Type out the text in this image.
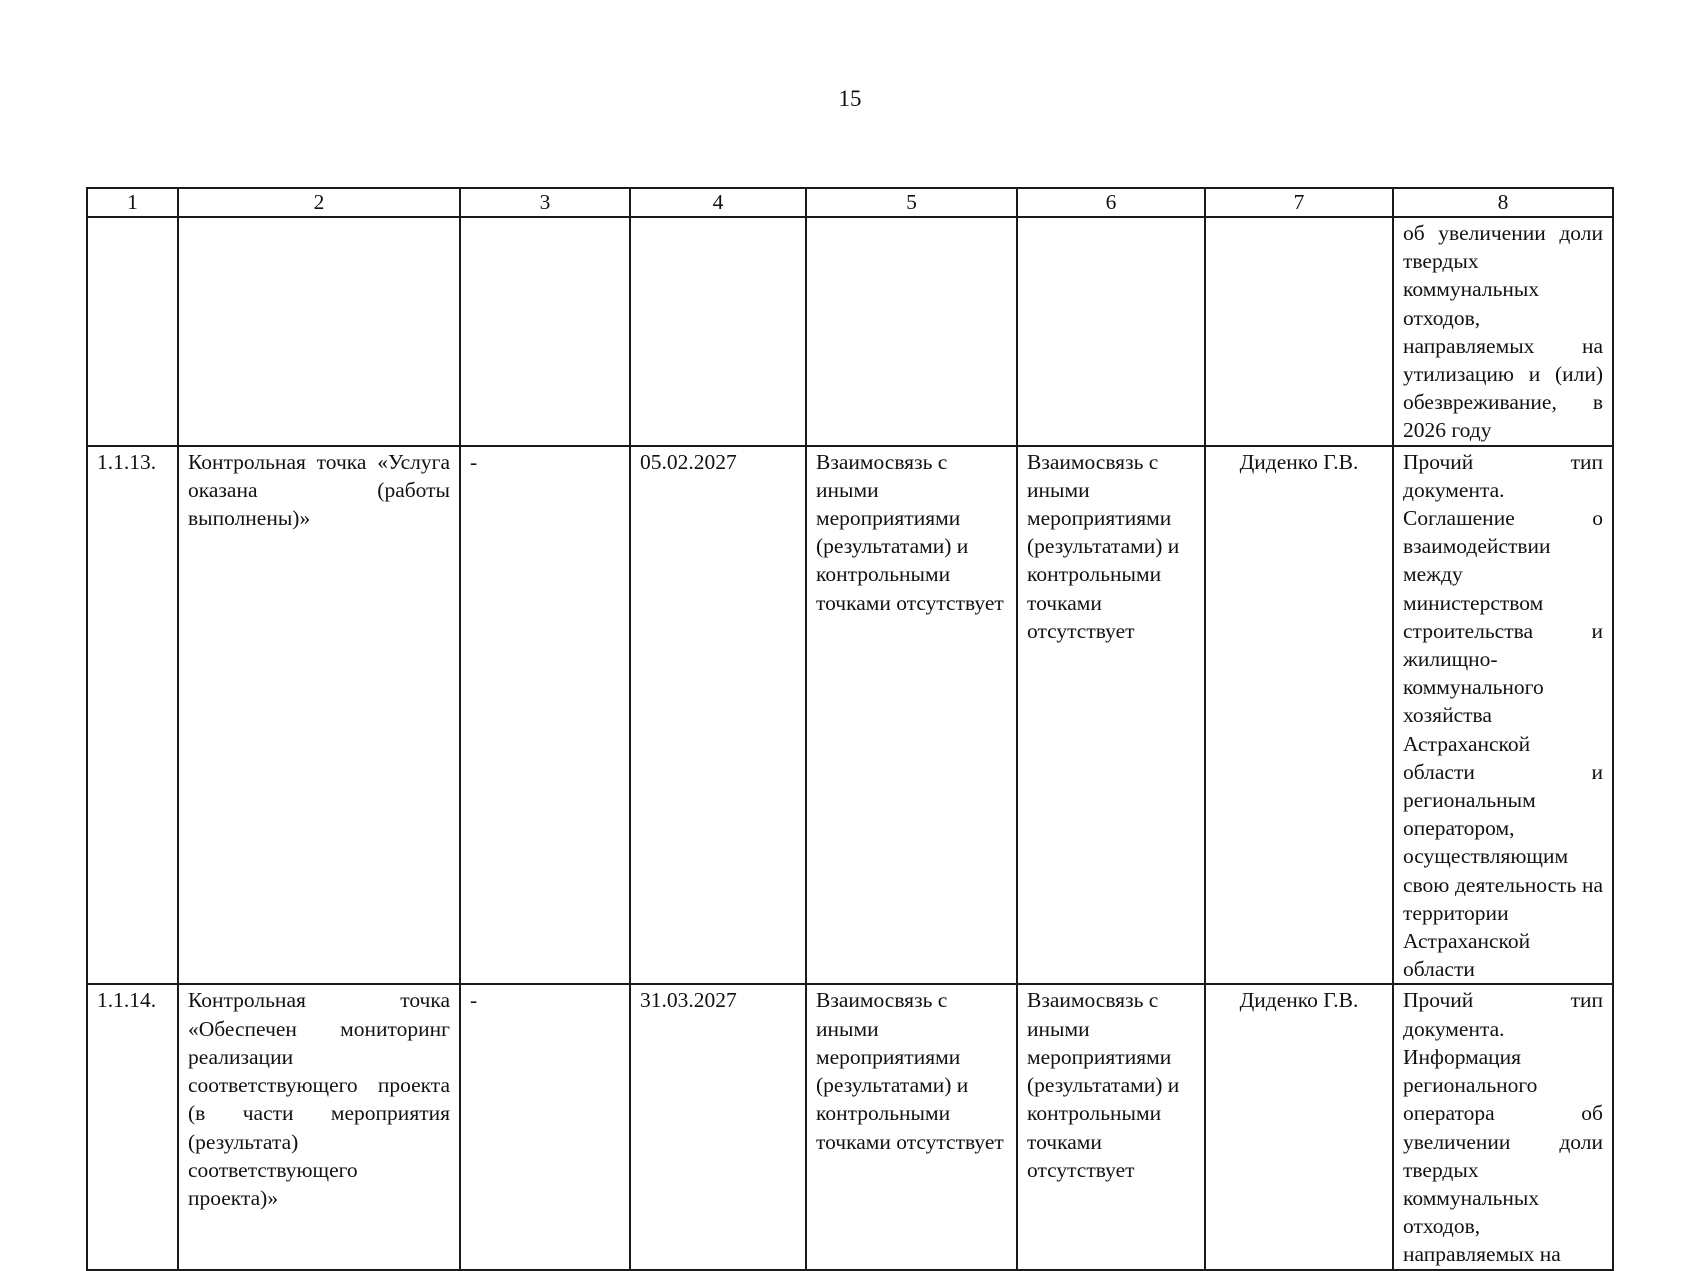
15
1	2	3	4	5	6	7	8
							об увеличении доли твердых коммунальных отходов, направляемых на утилизацию и (или) обезвреживание, в 2026 году
1.1.13.	Контрольная точка «Услуга оказана (работы выполнены)»	-	05.02.2027	Взаимосвязь с иными мероприятиями (результатами) и контрольными точками отсутствует	Взаимосвязь с иными мероприятиями (результатами) и контрольными точками отсутствует	Диденко Г.В.	Прочий тип документа. Соглашение о взаимодействии между министерством строительства и жилищно-коммунального хозяйства Астраханской области и региональным оператором, осуществляющим свою деятельность на территории Астраханской области
1.1.14.	Контрольная точка «Обеспечен мониторинг реализации соответствующего проекта (в части мероприятия (результата) соответствующего проекта)»	-	31.03.2027	Взаимосвязь с иными мероприятиями (результатами) и контрольными точками отсутствует	Взаимосвязь с иными мероприятиями (результатами) и контрольными точками отсутствует	Диденко Г.В.	Прочий тип документа. Информация регионального оператора об увеличении доли твердых коммунальных отходов, направляемых на
